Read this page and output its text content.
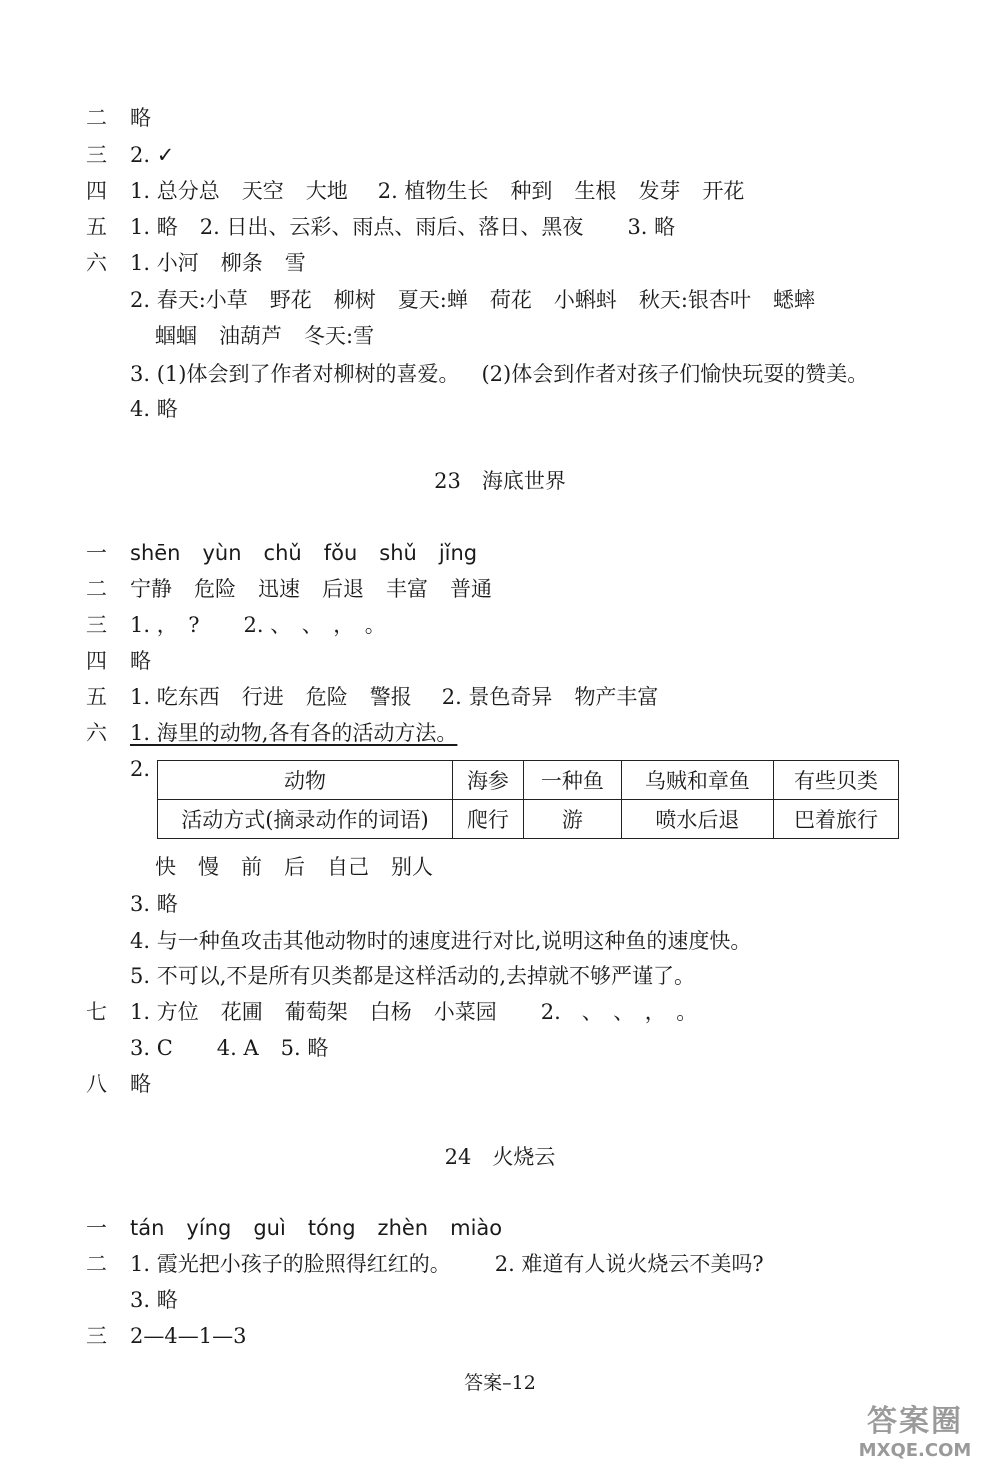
二 略
三 2. ✓
四 1. 总分总 天空 大地 2. 植物生长 种到 生根 发芽 开花
五 1. 略 2. 日出、云彩、雨点、雨后、落日、黑夜 3. 略
六 1. 小河 柳条 雪
2. 春天:小草 野花 柳树 夏天:蝉 荷花 小蝌蚪 秋天:银杏叶 蟋蟀
蝈蝈 油葫芦 冬天:雪
3. (1)体会到了作者对柳树的喜爱。 (2)体会到作者对孩子们愉快玩耍的赞美。
4. 略
23　海底世界
一 shēn yùn chǔ fǒu shǔ jǐng
二 宁静 危险 迅速 后退 丰富 普通
三 1. ，　? 2. 、　、　，　。
四 略
五 1. 吃东西 行进 危险 警报 2. 景色奇异 物产丰富
六 1. 海里的动物,各有各的活动方法。
2.	动物	海参	一种鱼	乌贼和章鱼	有些贝类
活动方式(摘录动作的词语)	爬行	游	喷水后退	巴着旅行
快 慢 前 后 自己 别人
3. 略
4. 与一种鱼攻击其他动物时的速度进行对比,说明这种鱼的速度快。
5. 不可以,不是所有贝类都是这样活动的,去掉就不够严谨了。
七 1. 方位 花圃 葡萄架 白杨 小菜园 2.　、　、　，　。
3. C 4. A 5. 略
八 略
24　火烧云
一 tán yíng guì tóng zhèn miào
二 1. 霞光把小孩子的脸照得红红的。 2. 难道有人说火烧云不美吗?
3. 略
三 2—4—1—3
答案–12
答案圈
MXQE.COM
